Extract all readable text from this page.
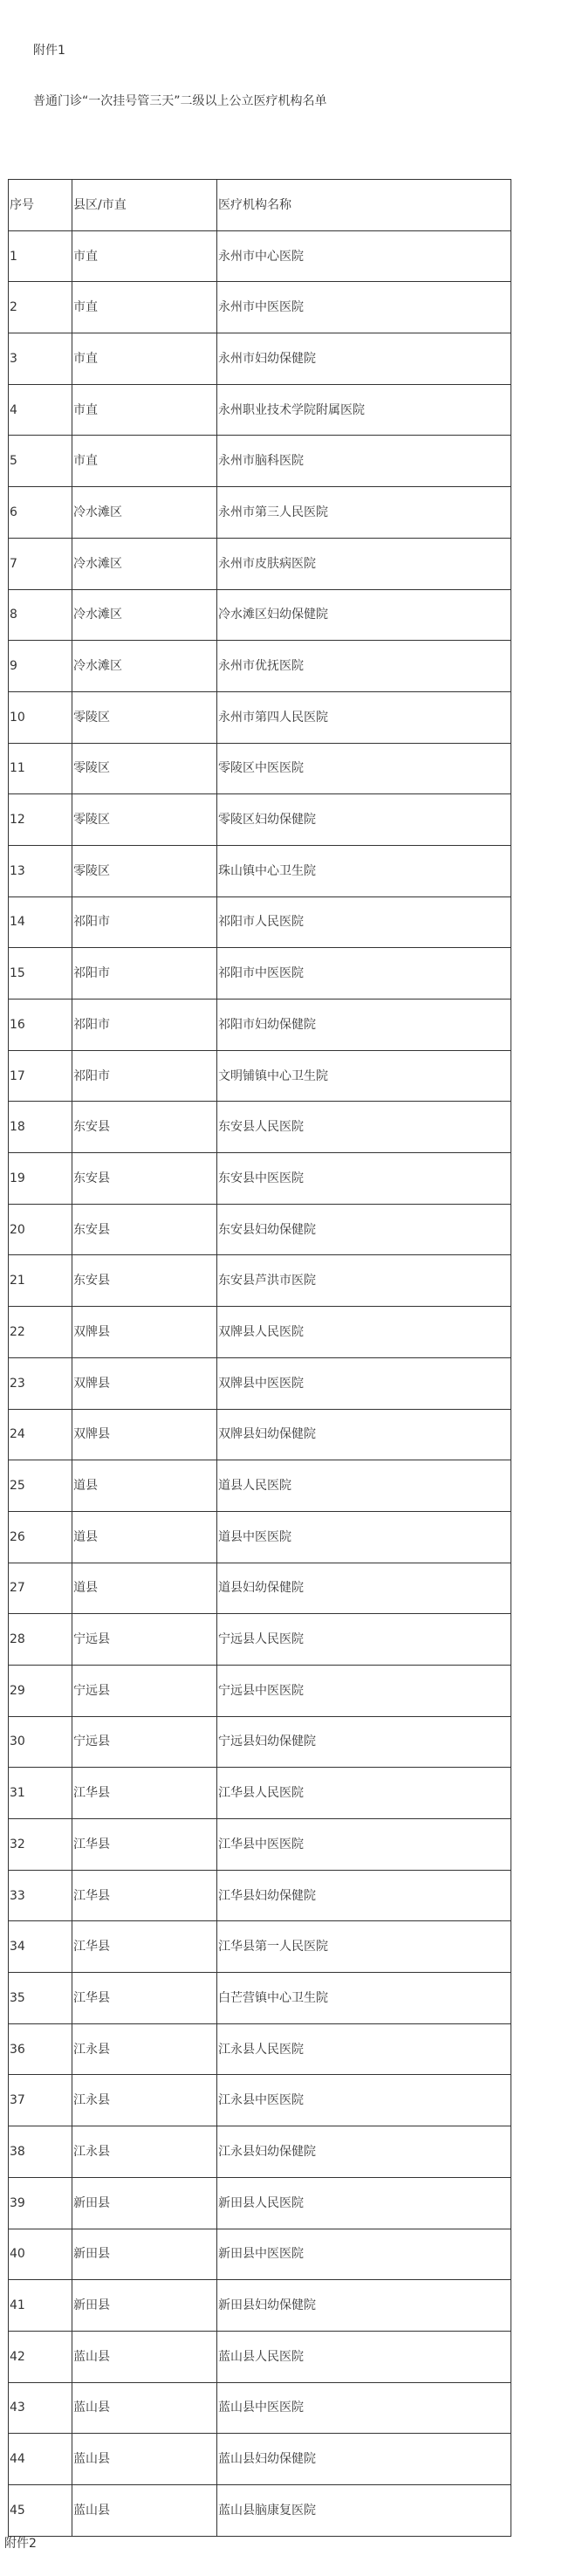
附件1
普通门诊“一次挂号管三天”二级以上公立医疗机构名单
序号	县区/市直	医疗机构名称
1	市直	永州市中心医院
2	市直	永州市中医医院
3	市直	永州市妇幼保健院
4	市直	永州职业技术学院附属医院
5	市直	永州市脑科医院
6	冷水滩区	永州市第三人民医院
7	冷水滩区	永州市皮肤病医院
8	冷水滩区	冷水滩区妇幼保健院
9	冷水滩区	永州市优抚医院
10	零陵区	永州市第四人民医院
11	零陵区	零陵区中医医院
12	零陵区	零陵区妇幼保健院
13	零陵区	珠山镇中心卫生院
14	祁阳市	祁阳市人民医院
15	祁阳市	祁阳市中医医院
16	祁阳市	祁阳市妇幼保健院
17	祁阳市	文明铺镇中心卫生院
18	东安县	东安县人民医院
19	东安县	东安县中医医院
20	东安县	东安县妇幼保健院
21	东安县	东安县芦洪市医院
22	双牌县	双牌县人民医院
23	双牌县	双牌县中医医院
24	双牌县	双牌县妇幼保健院
25	道县	道县人民医院
26	道县	道县中医医院
27	道县	道县妇幼保健院
28	宁远县	宁远县人民医院
29	宁远县	宁远县中医医院
30	宁远县	宁远县妇幼保健院
31	江华县	江华县人民医院
32	江华县	江华县中医医院
33	江华县	江华县妇幼保健院
34	江华县	江华县第一人民医院
35	江华县	白芒营镇中心卫生院
36	江永县	江永县人民医院
37	江永县	江永县中医医院
38	江永县	江永县妇幼保健院
39	新田县	新田县人民医院
40	新田县	新田县中医医院
41	新田县	新田县妇幼保健院
42	蓝山县	蓝山县人民医院
43	蓝山县	蓝山县中医医院
44	蓝山县	蓝山县妇幼保健院
45	蓝山县	蓝山县脑康复医院
附件2
